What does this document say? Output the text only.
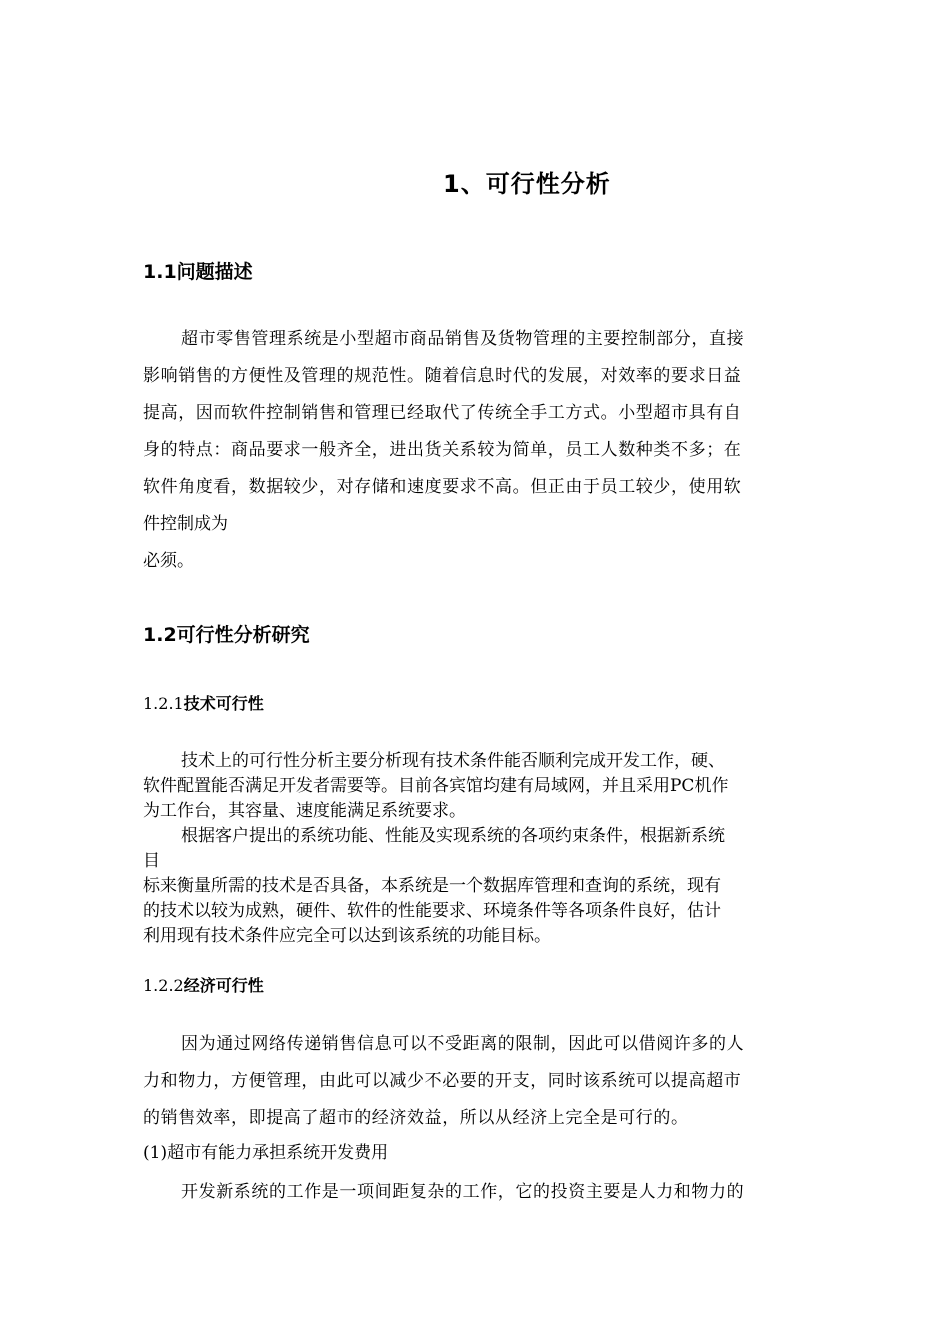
1、可行性分析
1.1问题描述
超市零售管理系统是小型超市商品销售及货物管理的主要控制部分，直接
影响销售的方便性及管理的规范性。随着信息时代的发展，对效率的要求日益
提高，因而软件控制销售和管理已经取代了传统全手工方式。小型超市具有自
身的特点：商品要求一般齐全，进出货关系较为简单，员工人数种类不多；在
软件角度看，数据较少，对存储和速度要求不高。但正由于员工较少，使用软
件控制成为
必须。
1.2可行性分析研究
1.2.1技术可行性
技术上的可行性分析主要分析现有技术条件能否顺利完成开发工作，硬、
软件配置能否满足开发者需要等。目前各宾馆均建有局域网，并且采用PC机作
为工作台，其容量、速度能满足系统要求。
根据客户提出的系统功能、性能及实现系统的各项约束条件，根据新系统
目
标来衡量所需的技术是否具备，本系统是一个数据库管理和查询的系统，现有
的技术以较为成熟，硬件、软件的性能要求、环境条件等各项条件良好，估计
利用现有技术条件应完全可以达到该系统的功能目标。
1.2.2经济可行性
因为通过网络传递销售信息可以不受距离的限制，因此可以借阅许多的人
力和物力，方便管理，由此可以减少不必要的开支，同时该系统可以提高超市
的销售效率，即提高了超市的经济效益，所以从经济上完全是可行的。
(1)超市有能力承担系统开发费用
开发新系统的工作是一项间距复杂的工作，它的投资主要是人力和物力的
